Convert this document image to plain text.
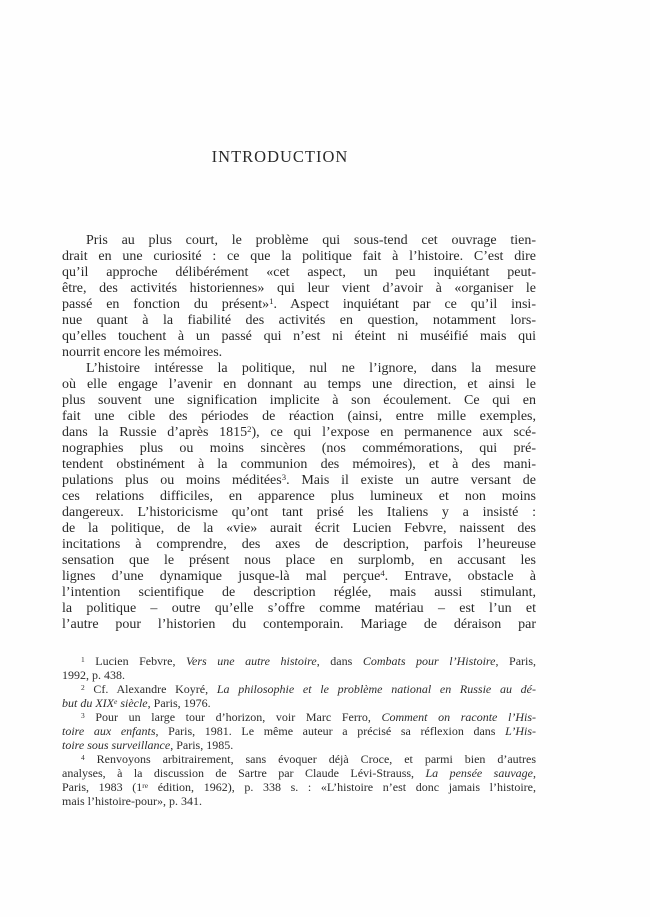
INTRODUCTION
Pris au plus court, le problème qui sous-tend cet ouvrage tien-
drait en une curiosité : ce que la politique fait à l’histoire. C’est dire
qu’il approche délibérément «cet aspect, un peu inquiétant peut-
être, des activités historiennes» qui leur vient d’avoir à «organiser le
passé en fonction du présent»$^1$. Aspect inquiétant par ce qu’il insi-
nue quant à la fiabilité des activités en question, notamment lors-
qu’elles touchent à un passé qui n’est ni éteint ni muséifié mais qui
nourrit encore les mémoires.
L’histoire intéresse la politique, nul ne l’ignore, dans la mesure
où elle engage l’avenir en donnant au temps une direction, et ainsi le
plus souvent une signification implicite à son écoulement. Ce qui en
fait une cible des périodes de réaction (ainsi, entre mille exemples,
dans la Russie d’après 1815$^2$), ce qui l’expose en permanence aux scé-
nographies plus ou moins sincères (nos commémorations, qui pré-
tendent obstinément à la communion des mémoires), et à des mani-
pulations plus ou moins méditées$^3$. Mais il existe un autre versant de
ces relations difficiles, en apparence plus lumineux et non moins
dangereux. L’historicisme qu’ont tant prisé les Italiens y a insisté :
de la politique, de la «vie» aurait écrit Lucien Febvre, naissent des
incitations à comprendre, des axes de description, parfois l’heureuse
sensation que le présent nous place en surplomb, en accusant les
lignes d’une dynamique jusque-là mal perçue$^4$. Entrave, obstacle à
l’intention scientifique de description réglée, mais aussi stimulant,
la politique – outre qu’elle s’offre comme matériau – est l’un et
l’autre pour l’historien du contemporain. Mariage de déraison par
$^1$ Lucien Febvre, Vers une autre histoire, dans Combats pour l’Histoire, Paris,
1992, p. 438.
$^2$ Cf. Alexandre Koyré, La philosophie et le problème national en Russie au dé-
but du XIXe siècle, Paris, 1976.
$^3$ Pour un large tour d’horizon, voir Marc Ferro, Comment on raconte l’His-
toire aux enfants, Paris, 1981. Le même auteur a précisé sa réflexion dans L’His-
toire sous surveillance, Paris, 1985.
$^4$ Renvoyons arbitrairement, sans évoquer déjà Croce, et parmi bien d’autres
analyses, à la discussion de Sartre par Claude Lévi-Strauss, La pensée sauvage,
Paris, 1983 (1re édition, 1962), p. 338 s. : «L’histoire n’est donc jamais l’histoire,
mais l’histoire-pour», p. 341.
